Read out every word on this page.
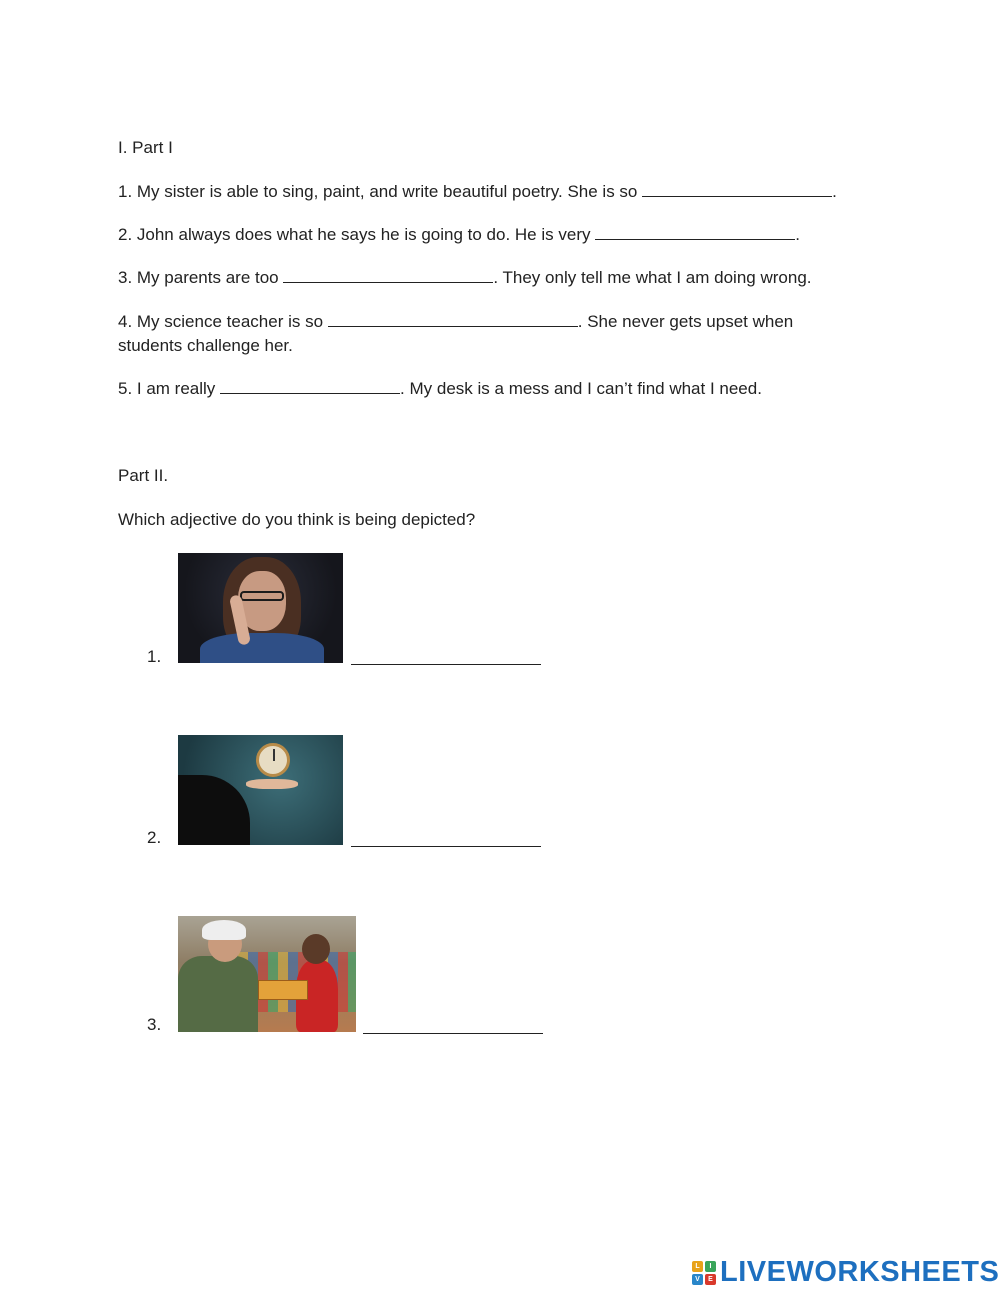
I. Part I
1. My sister is able to sing, paint, and write beautiful poetry. She is so	.
2. John always does what he says he is going to do. He is very	.
3. My parents are too	. They only tell me what I am doing wrong.
4. My science teacher is so	. She never gets upset when
students challenge her.
5. I am really	. My desk is a mess and I can’t find what I need.
Part II.
Which adjective do you think is being depicted?
1.
2.
3.
L	I
V	E LIVEWORKSHEETS
